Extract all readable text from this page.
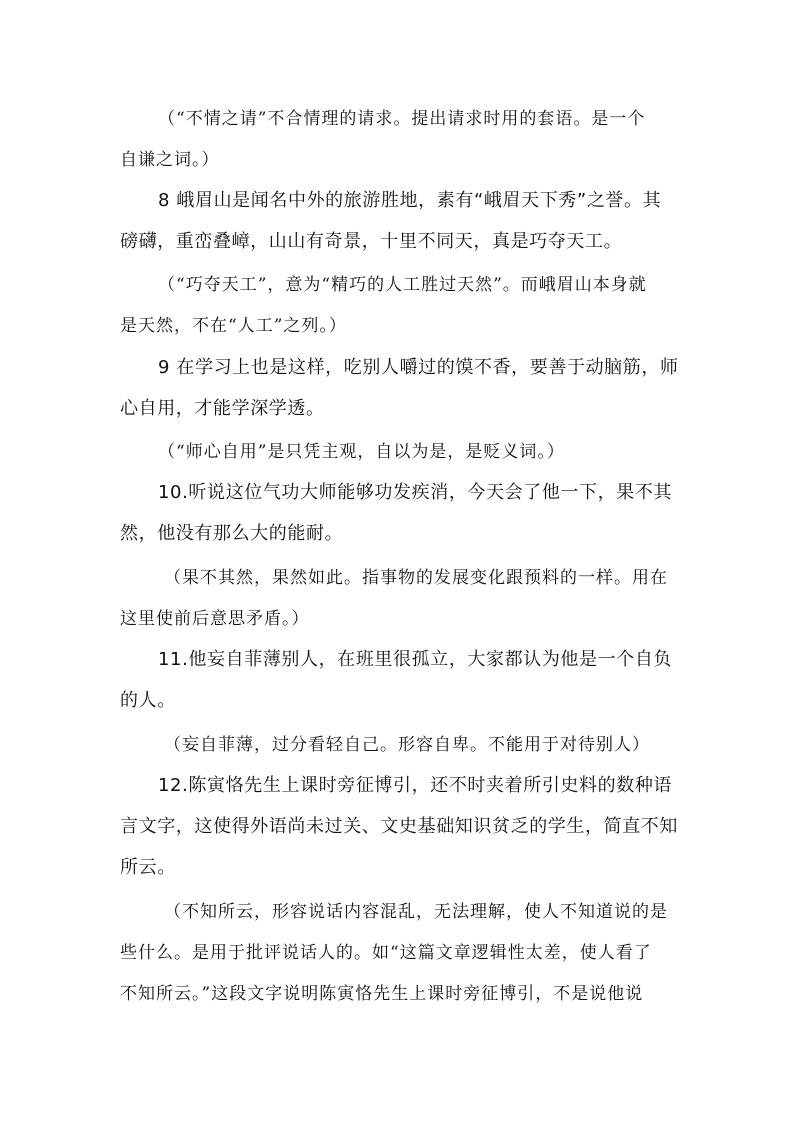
（“不情之请”不合情理的请求。提出请求时用的套语。是一个
自谦之词。）
8 峨眉山是闻名中外的旅游胜地，素有“峨眉天下秀”之誉。其
磅礴，重峦叠嶂，山山有奇景，十里不同天，真是巧夺天工。
（“巧夺天工”，意为“精巧的人工胜过天然”。而峨眉山本身就
是天然，不在“人工”之列。）
9 在学习上也是这样，吃别人嚼过的馍不香，要善于动脑筋，师
心自用，才能学深学透。
（“师心自用”是只凭主观，自以为是，是贬义词。）
10.听说这位气功大师能够功发疾消，今天会了他一下，果不其
然，他没有那么大的能耐。
（果不其然，果然如此。指事物的发展变化跟预料的一样。用在
这里使前后意思矛盾。）
11.他妄自菲薄别人，在班里很孤立，大家都认为他是一个自负
的人。
（妄自菲薄，过分看轻自己。形容自卑。不能用于对待别人）
12.陈寅恪先生上课时旁征博引，还不时夹着所引史料的数种语
言文字，这使得外语尚未过关、文史基础知识贫乏的学生，简直不知
所云。
（不知所云，形容说话内容混乱，无法理解，使人不知道说的是
些什么。是用于批评说话人的。如“这篇文章逻辑性太差，使人看了
不知所云。”这段文字说明陈寅恪先生上课时旁征博引，不是说他说
